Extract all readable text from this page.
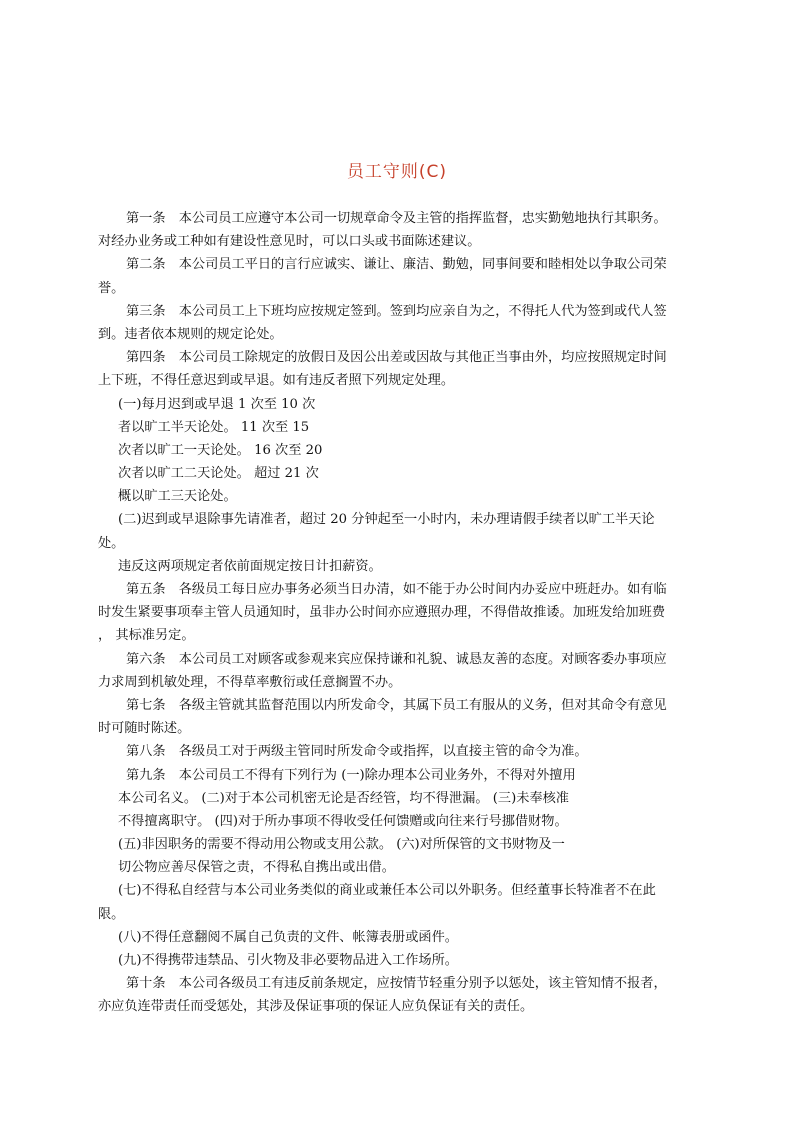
员工守则(C)
第一条　本公司员工应遵守本公司一切规章命令及主管的指挥监督，忠实勤勉地执行其职务。
对经办业务或工种如有建设性意见时，可以口头或书面陈述建议。
第二条　本公司员工平日的言行应诚实、谦让、廉洁、勤勉，同事间要和睦相处以争取公司荣
誉。
第三条　本公司员工上下班均应按规定签到。签到均应亲自为之，不得托人代为签到或代人签
到。违者依本规则的规定论处。
第四条　本公司员工除规定的放假日及因公出差或因故与其他正当事由外，均应按照规定时间
上下班，不得任意迟到或早退。如有违反者照下列规定处理。
(一)每月迟到或早退 1 次至 10 次
者以旷工半天论处。 11 次至 15
次者以旷工一天论处。 16 次至 20
次者以旷工二天论处。 超过 21 次
概以旷工三天论处。
(二)迟到或早退除事先请准者，超过 20 分钟起至一小时内，未办理请假手续者以旷工半天论
处。
违反这两项规定者依前面规定按日计扣薪资。
第五条　各级员工每日应办事务必须当日办清，如不能于办公时间内办妥应中班赶办。如有临
时发生紧要事项奉主管人员通知时，虽非办公时间亦应遵照办理，不得借故推诿。加班发给加班费
， 其标准另定。
第六条　本公司员工对顾客或参观来宾应保持谦和礼貌、诚恳友善的态度。对顾客委办事项应
力求周到机敏处理，不得草率敷衍或任意搁置不办。
第七条　各级主管就其监督范围以内所发命令，其属下员工有服从的义务，但对其命令有意见
时可随时陈述。
第八条　各级员工对于两级主管同时所发命令或指挥，以直接主管的命令为准。
第九条　本公司员工不得有下列行为 (一)除办理本公司业务外，不得对外擅用
本公司名义。 (二)对于本公司机密无论是否经管，均不得泄漏。 (三)未奉核准
不得擅离职守。 (四)对于所办事项不得收受任何馈赠或向往来行号挪借财物。
(五)非因职务的需要不得动用公物或支用公款。 (六)对所保管的文书财物及一
切公物应善尽保管之责，不得私自携出或出借。
(七)不得私自经营与本公司业务类似的商业或兼任本公司以外职务。但经董事长特准者不在此
限。
(八)不得任意翻阅不属自己负责的文件、帐簿表册或函件。
(九)不得携带违禁品、引火物及非必要物品进入工作场所。
第十条　本公司各级员工有违反前条规定，应按情节轻重分别予以惩处，该主管知情不报者，
亦应负连带责任而受惩处，其涉及保证事项的保证人应负保证有关的责任。
